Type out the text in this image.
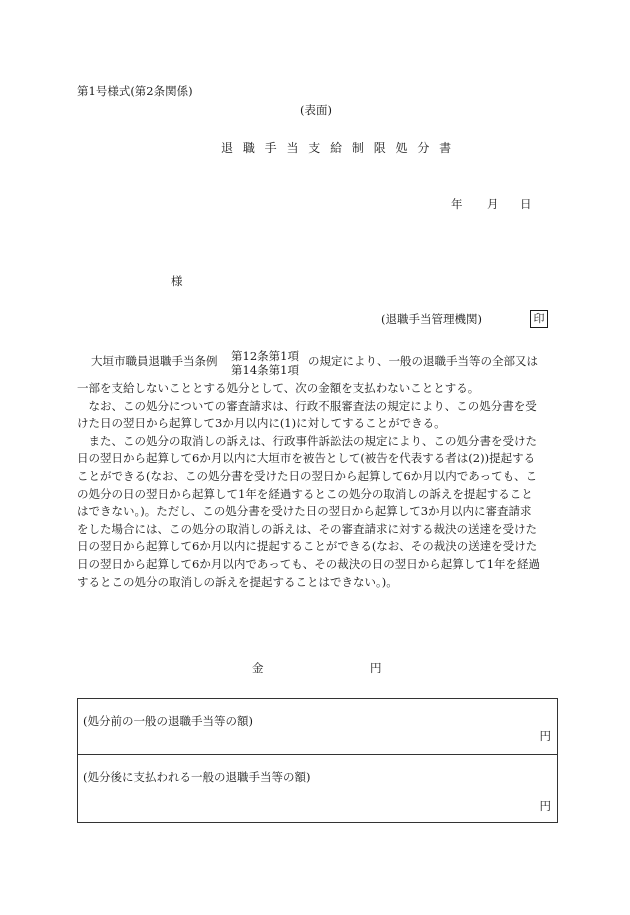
第1号様式(第2条関係)
(表面)
退 職 手 当 支 給 制 限 処 分 書
年 月 日
様
(退職手当管理機関)	印
大垣市職員退職手当条例 第12条第1項
第14条第1項
の規定により、一般の退職手当等の全部又は

一部を支給しないこととする処分として、次の金額を支払わないこととする。

　なお、この処分についての審査請求は、行政不服審査法の規定により、この処分書を受

けた日の翌日から起算して3か月以内に(1)に対してすることができる。

　また、この処分の取消しの訴えは、行政事件訴訟法の規定により、この処分書を受けた

日の翌日から起算して6か月以内に大垣市を被告として(被告を代表する者は(2))提起する

ことができる(なお、この処分書を受けた日の翌日から起算して6か月以内であっても、こ

の処分の日の翌日から起算して1年を経過するとこの処分の取消しの訴えを提起すること

はできない。)。ただし、この処分書を受けた日の翌日から起算して3か月以内に審査請求

をした場合には、この処分の取消しの訴えは、その審査請求に対する裁決の送達を受けた

日の翌日から起算して6か月以内に提起することができる(なお、その裁決の送達を受けた

日の翌日から起算して6か月以内であっても、その裁決の日の翌日から起算して1年を経過

するとこの処分の取消しの訴えを提起することはできない。)。

金	円
(処分前の一般の退職手当等の額)
円
(処分後に支払われる一般の退職手当等の額)
円
